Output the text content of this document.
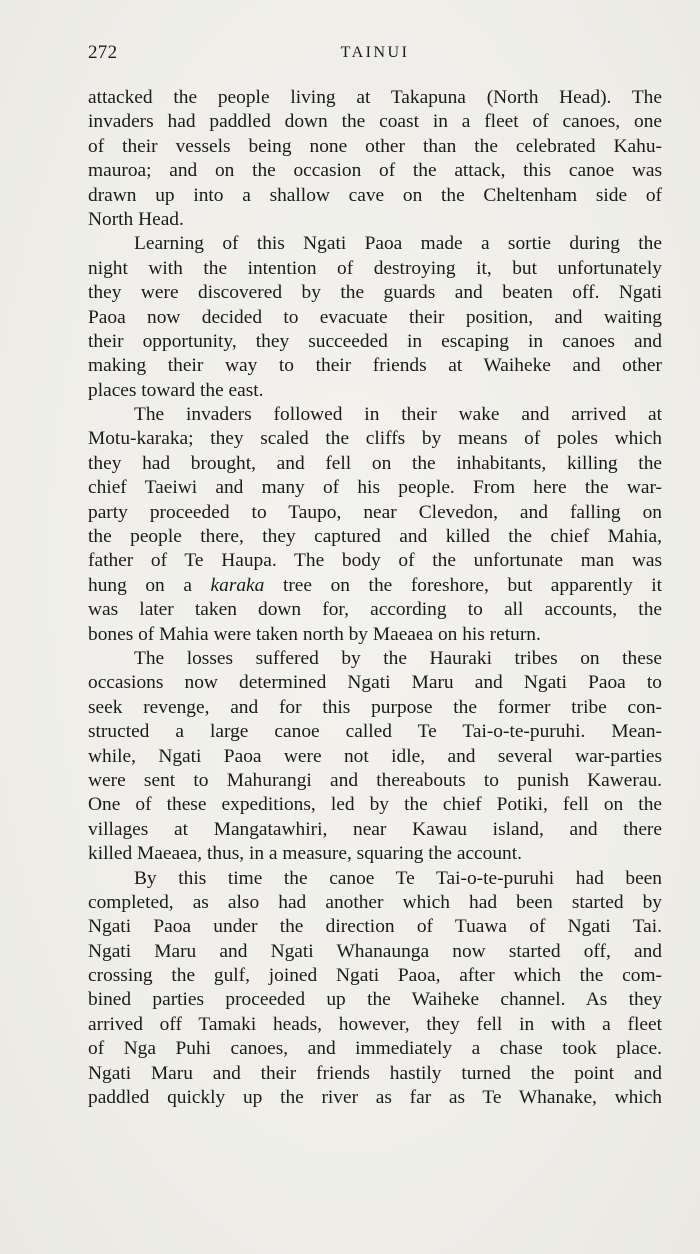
272	TAINUI
attacked the people living at Takapuna (North Head). The
invaders had paddled down the coast in a fleet of canoes, one
of their vessels being none other than the celebrated Kahu-
mauroa; and on the occasion of the attack, this canoe was
drawn up into a shallow cave on the Cheltenham side of
North Head.
Learning of this Ngati Paoa made a sortie during the
night with the intention of destroying it, but unfortunately
they were discovered by the guards and beaten off. Ngati
Paoa now decided to evacuate their position, and waiting
their opportunity, they succeeded in escaping in canoes and
making their way to their friends at Waiheke and other
places toward the east.
The invaders followed in their wake and arrived at
Motu-karaka; they scaled the cliffs by means of poles which
they had brought, and fell on the inhabitants, killing the
chief Taeiwi and many of his people. From here the war-
party proceeded to Taupo, near Clevedon, and falling on
the people there, they captured and killed the chief Mahia,
father of Te Haupa. The body of the unfortunate man was
hung on a karaka tree on the foreshore, but apparently it
was later taken down for, according to all accounts, the
bones of Mahia were taken north by Maeaea on his return.
The losses suffered by the Hauraki tribes on these
occasions now determined Ngati Maru and Ngati Paoa to
seek revenge, and for this purpose the former tribe con-
structed a large canoe called Te Tai-o-te-puruhi. Mean-
while, Ngati Paoa were not idle, and several war-parties
were sent to Mahurangi and thereabouts to punish Kawerau.
One of these expeditions, led by the chief Potiki, fell on the
villages at Mangatawhiri, near Kawau island, and there
killed Maeaea, thus, in a measure, squaring the account.
By this time the canoe Te Tai-o-te-puruhi had been
completed, as also had another which had been started by
Ngati Paoa under the direction of Tuawa of Ngati Tai.
Ngati Maru and Ngati Whanaunga now started off, and
crossing the gulf, joined Ngati Paoa, after which the com-
bined parties proceeded up the Waiheke channel. As they
arrived off Tamaki heads, however, they fell in with a fleet
of Nga Puhi canoes, and immediately a chase took place.
Ngati Maru and their friends hastily turned the point and
paddled quickly up the river as far as Te Whanake, which
